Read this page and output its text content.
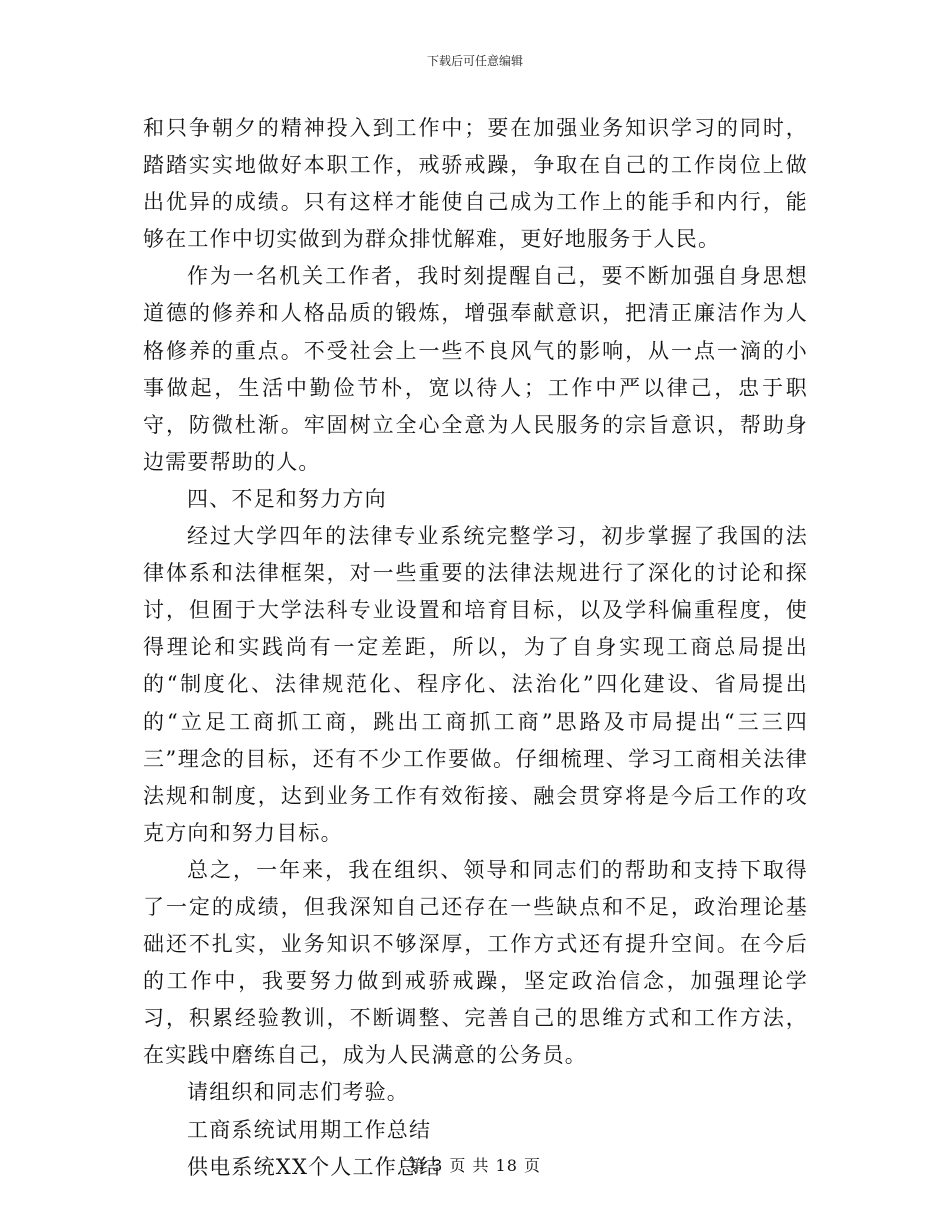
下载后可任意编辑

和只争朝夕的精神投入到工作中；要在加强业务知识学习的同时，踏踏实实地做好本职工作，戒骄戒躁，争取在自己的工作岗位上做出优异的成绩。只有这样才能使自己成为工作上的能手和内行，能够在工作中切实做到为群众排忧解难，更好地服务于人民。

作为一名机关工作者，我时刻提醒自己，要不断加强自身思想道德的修养和人格品质的锻炼，增强奉献意识，把清正廉洁作为人格修养的重点。不受社会上一些不良风气的影响，从一点一滴的小事做起，生活中勤俭节朴，宽以待人；工作中严以律己，忠于职守，防微杜渐。牢固树立全心全意为人民服务的宗旨意识，帮助身边需要帮助的人。

四、不足和努力方向

经过大学四年的法律专业系统完整学习，初步掌握了我国的法律体系和法律框架，对一些重要的法律法规进行了深化的讨论和探讨，但囿于大学法科专业设置和培育目标，以及学科偏重程度，使得理论和实践尚有一定差距，所以，为了自身实现工商总局提出的“制度化、法律规范化、程序化、法治化”四化建设、省局提出的“立足工商抓工商，跳出工商抓工商”思路及市局提出“三三四三”理念的目标，还有不少工作要做。仔细梳理、学习工商相关法律法规和制度，达到业务工作有效衔接、融会贯穿将是今后工作的攻克方向和努力目标。

总之，一年来，我在组织、领导和同志们的帮助和支持下取得了一定的成绩，但我深知自己还存在一些缺点和不足，政治理论基础还不扎实，业务知识不够深厚，工作方式还有提升空间。在今后的工作中，我要努力做到戒骄戒躁，坚定政治信念，加强理论学习，积累经验教训，不断调整、完善自己的思维方式和工作方法，在实践中磨练自己，成为人民满意的公务员。

请组织和同志们考验。

工商系统试用期工作总结

供电系统XX个人工作总结

第 3 页 共 18 页
